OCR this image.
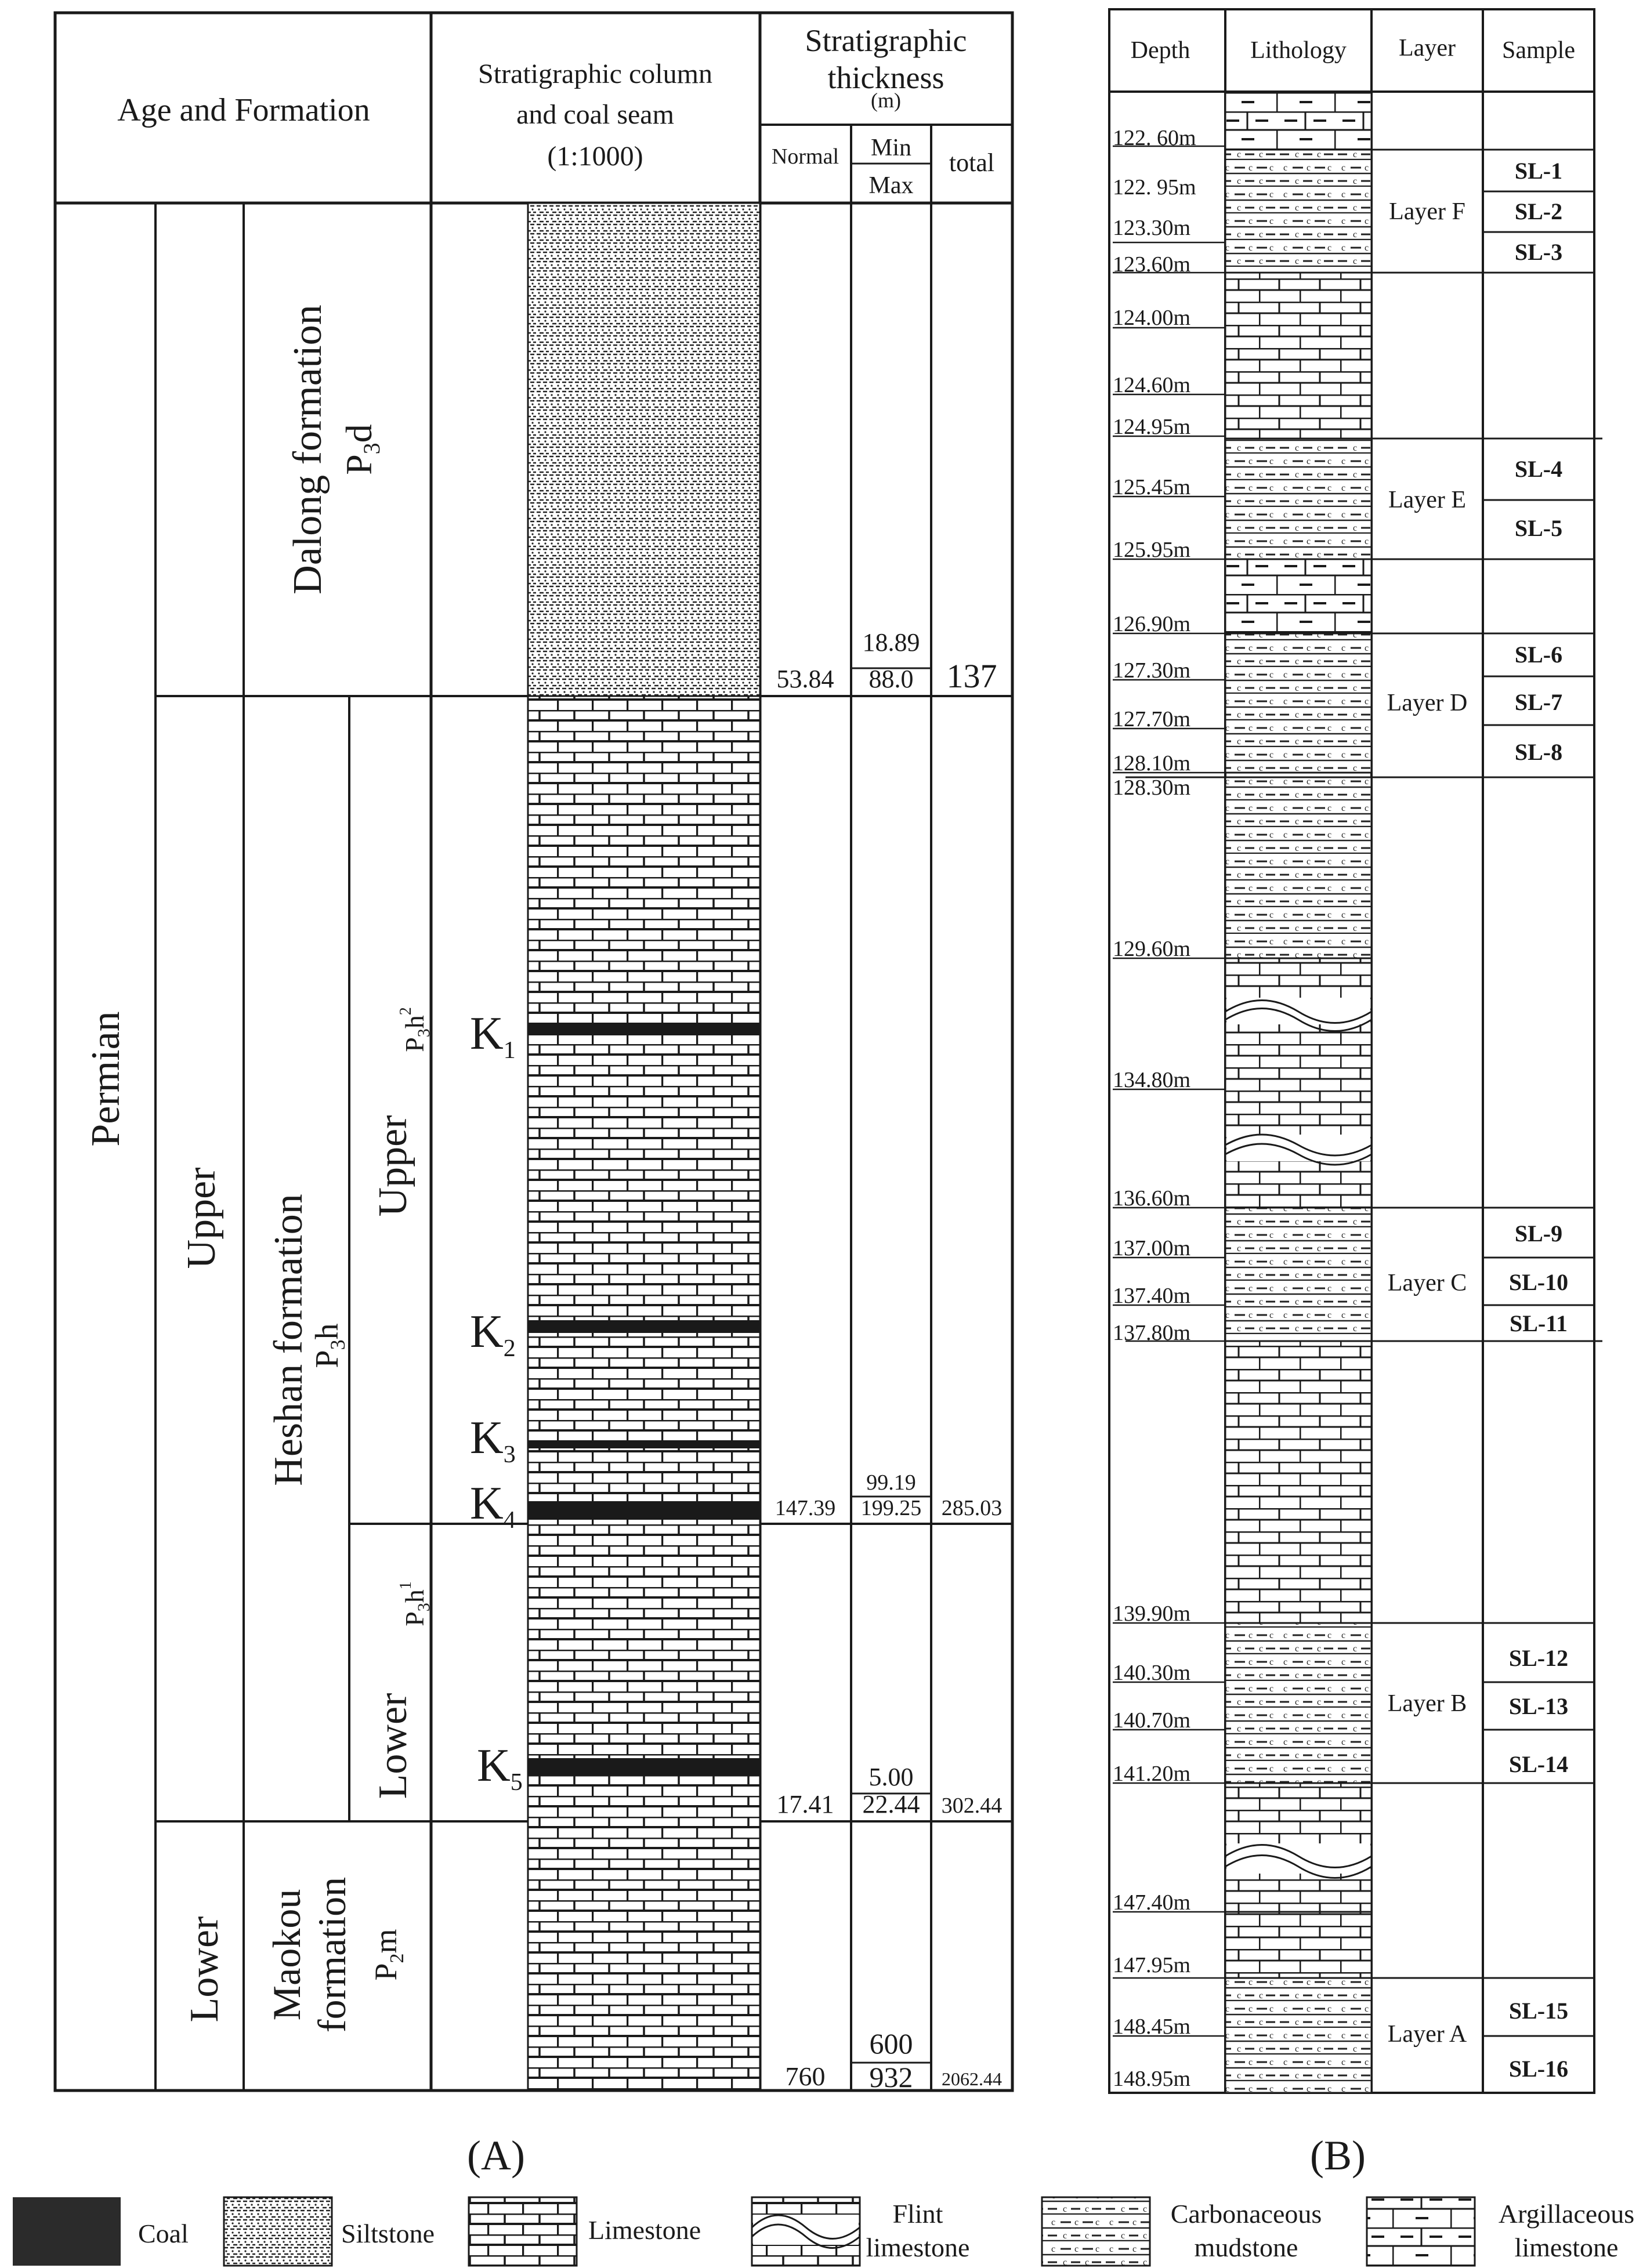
Age and Formation
Stratigraphic column
and coal seam
(1:1000)
Stratigraphic
thickness
(m)
Normal Min
Max
total
Permian
Upper
Lower
Dalong formation $P_3d$
Heshan formation
$P_3h$
Maokou formation $P_2m$
Upper
$P_3h^2$
Lower
$P_3h^1$
$K_1$
$K_2$
$K_3$
$K_4$
$K_5$
53.84
18.89
88.0 137
147.39
99.19
199.25 285.03
17.41
5.00
22.44 302.44
760
600
932 2062.44
(A)
Depth Lithology Layer Sample
122. 60m
122. 95m
123.30m
123.60m
124.00m
124.60m
124.95m
125.45m
125.95m
126.90m
127.30m
127.70m
128.10m
128.30m
129.60m
134.80m
136.60m
137.00m
137.40m
137.80m
139.90m
140.30m
140.70m
141.20m
147.40m
147.95m
148.45m
148.95m
Layer F
Layer E
Layer D
Layer C
Layer B
Layer A
SL-1
SL-2
SL-3
SL-4
SL-5
SL-6
SL-7
SL-8
SL-9
SL-10
SL-11
SL-12
SL-13
SL-14
SL-15
SL-16
(B)
Coal	Siltstone	Limestone
Flint limestone
Carbonaceous mudstone
Argillaceous limestone
